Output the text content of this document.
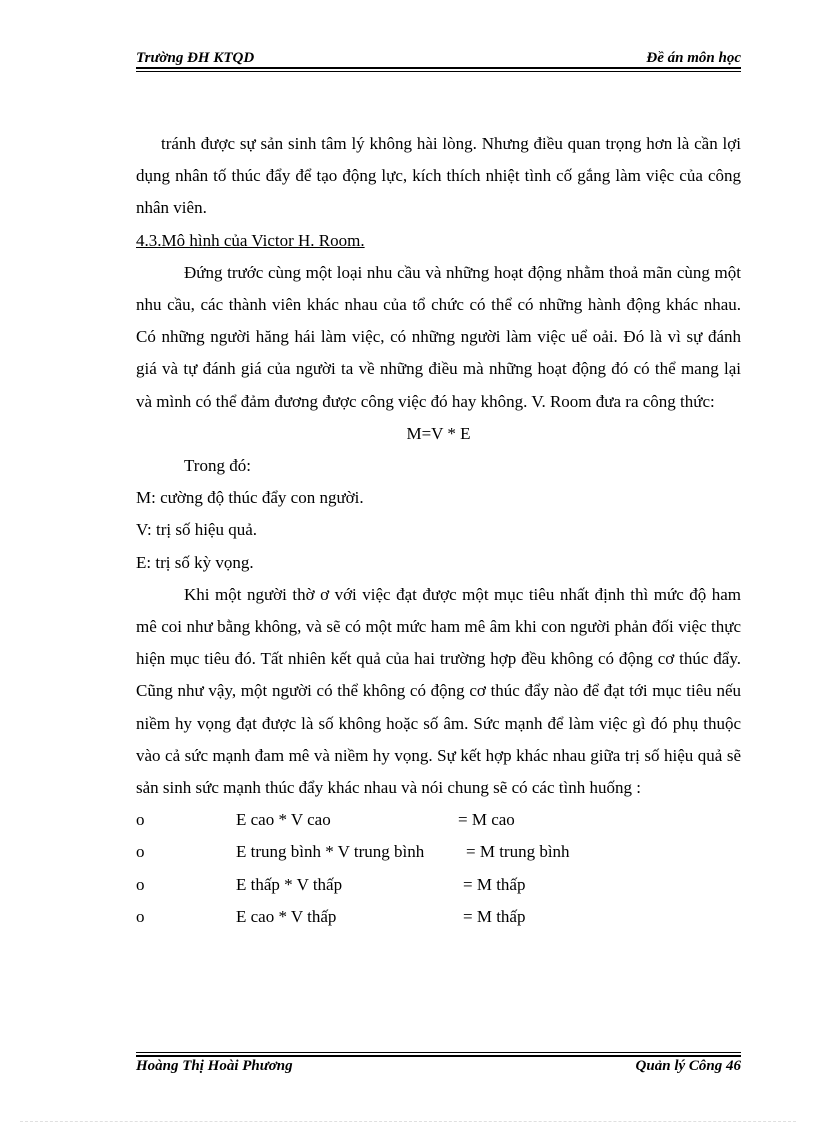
Trường ĐH KTQD	Đề án môn học

tránh được sự sản sinh tâm lý không hài lòng. Nhưng điều quan trọng hơn là cần lợi dụng nhân tố thúc đẩy để tạo động lực, kích thích nhiệt tình cố gắng làm việc của công nhân viên.

4.3.Mô hình của Victor H. Room.

Đứng trước cùng một loại nhu cầu và những hoạt động nhằm thoả mãn cùng một nhu cầu, các thành viên khác nhau của tổ chức có thể có những hành động khác nhau. Có những người hăng hái làm việc, có những người làm việc uể oải. Đó là vì sự đánh giá và tự đánh giá của người ta về những điều mà những hoạt động đó có thể mang lại và mình có thể đảm đương được công việc đó hay không. V. Room đưa ra công thức:

M=V * E

Trong đó:

M: cường độ thúc đẩy con người.

V: trị số hiệu quả.

E: trị số kỳ vọng.

Khi một người thờ ơ với việc đạt được một mục tiêu nhất định thì mức độ ham mê coi như bằng không, và sẽ có một mức ham mê âm khi con người phản đối việc thực hiện mục tiêu đó. Tất nhiên kết quả của hai trường hợp đều không có động cơ thúc đẩy. Cũng như vậy, một người có thể không có động cơ thúc đẩy nào để đạt tới mục tiêu nếu niềm hy vọng đạt được là số không hoặc số âm. Sức mạnh để làm việc gì đó phụ thuộc vào cả sức mạnh đam mê và niềm hy vọng. Sự kết hợp khác nhau giữa trị số hiệu quả sẽ sản sinh sức mạnh thúc đẩy khác nhau và nói chung sẽ có các tình huống :

o	E cao * V cao	= M cao
o	E trung bình * V trung bình = M trung bình
o	E thấp * V thấp	= M thấp
o	E cao * V thấp	= M thấp
Hoàng Thị Hoài Phương	Quản lý Công 46
